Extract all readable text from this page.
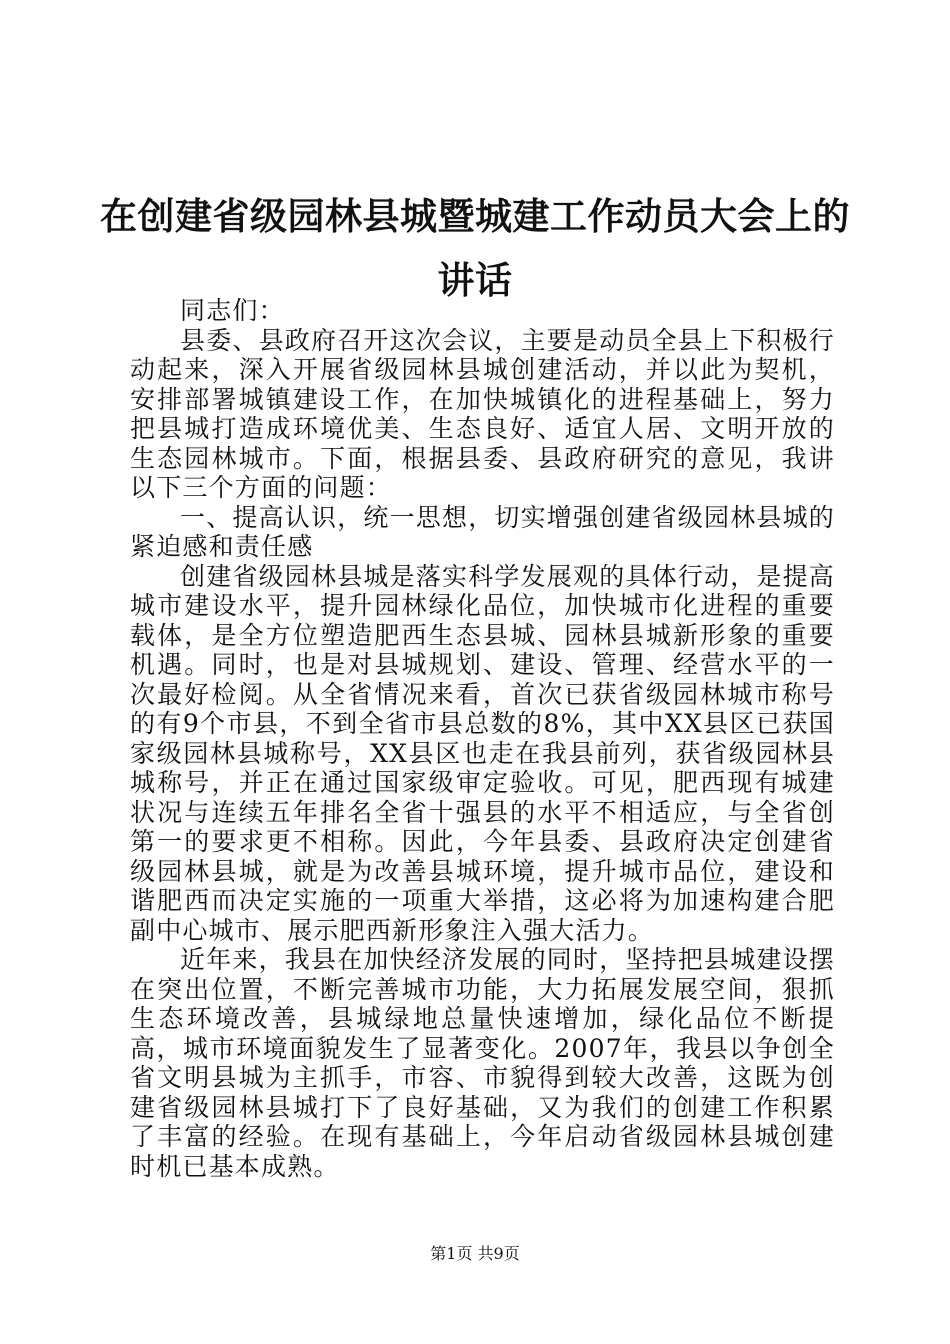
在创建省级园林县城暨城建工作动员大会上的讲话

同志们：

县委、县政府召开这次会议，主要是动员全县上下积极行动起来，深入开展省级园林县城创建活动，并以此为契机，安排部署城镇建设工作，在加快城镇化的进程基础上，努力把县城打造成环境优美、生态良好、适宜人居、文明开放的生态园林城市。下面，根据县委、县政府研究的意见，我讲以下三个方面的问题：

一、提高认识，统一思想，切实增强创建省级园林县城的紧迫感和责任感

创建省级园林县城是落实科学发展观的具体行动，是提高城市建设水平，提升园林绿化品位，加快城市化进程的重要载体，是全方位塑造肥西生态县城、园林县城新形象的重要机遇。同时，也是对县城规划、建设、管理、经营水平的一次最好检阅。从全省情况来看，首次已获省级园林城市称号的有9个市县，不到全省市县总数的8%，其中XX县区已获国家级园林县城称号，XX县区也走在我县前列，获省级园林县城称号，并正在通过国家级审定验收。可见，肥西现有城建状况与连续五年排名全省十强县的水平不相适应，与全省创第一的要求更不相称。因此，今年县委、县政府决定创建省级园林县城，就是为改善县城环境，提升城市品位，建设和谐肥西而决定实施的一项重大举措，这必将为加速构建合肥副中心城市、展示肥西新形象注入强大活力。

近年来，我县在加快经济发展的同时，坚持把县城建设摆在突出位置，不断完善城市功能，大力拓展发展空间，狠抓生态环境改善，县城绿地总量快速增加，绿化品位不断提高，城市环境面貌发生了显著变化。2007年，我县以争创全省文明县城为主抓手，市容、市貌得到较大改善，这既为创建省级园林县城打下了良好基础，又为我们的创建工作积累了丰富的经验。在现有基础上，今年启动省级园林县城创建时机已基本成熟。

第1页 共9页
